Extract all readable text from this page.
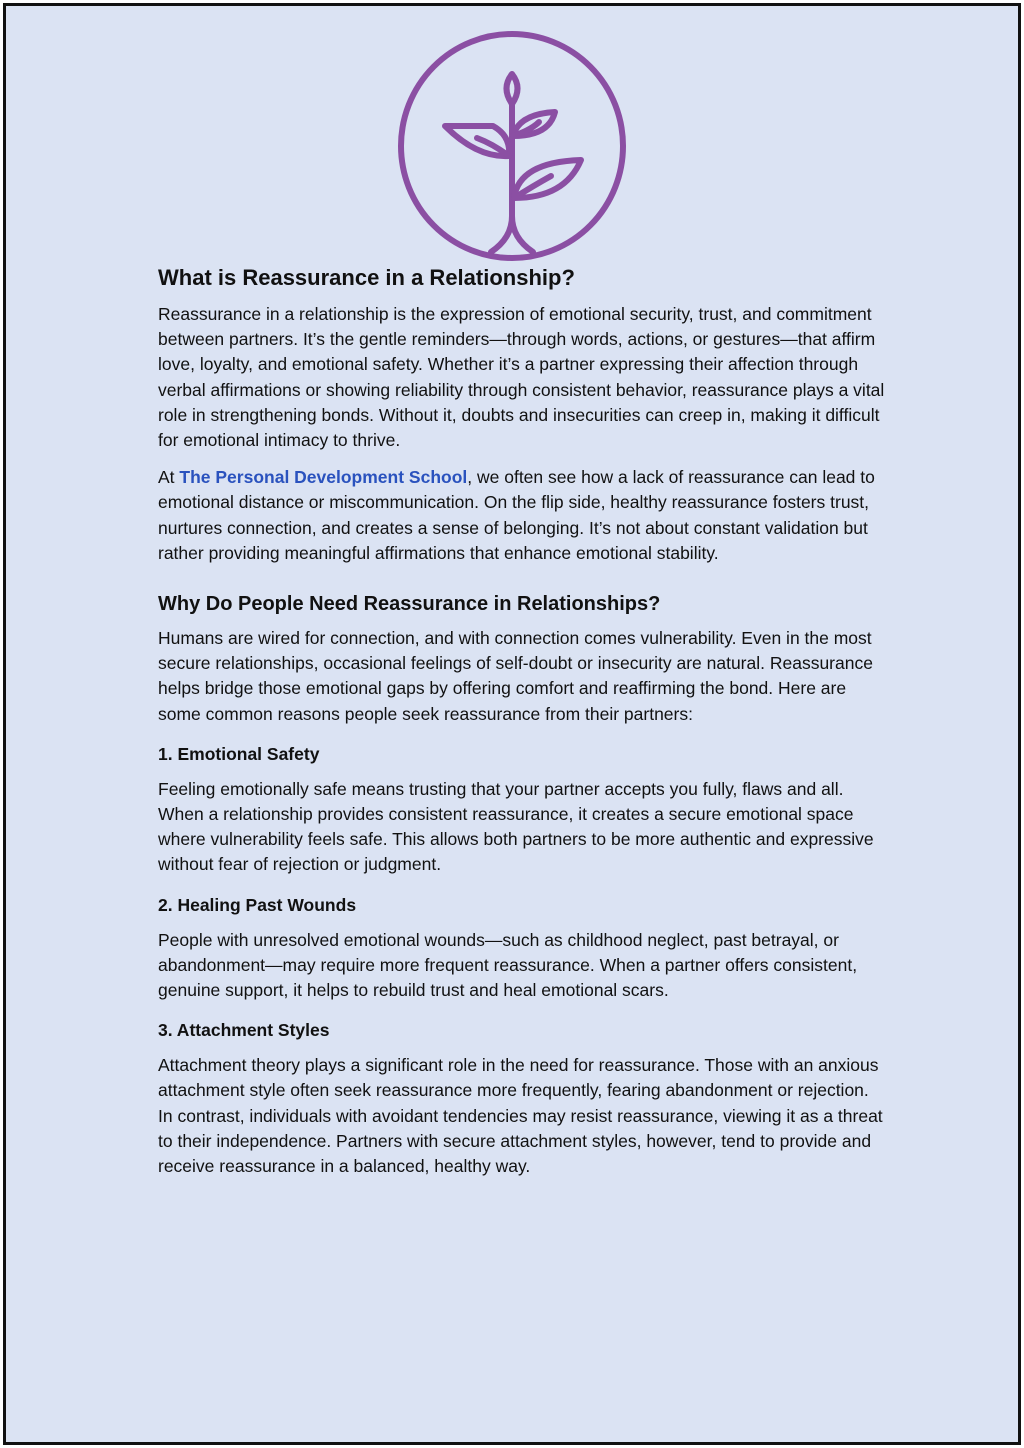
What is Reassurance in a Relationship?

Reassurance in a relationship is the expression of emotional security, trust, and commitment between partners. It’s the gentle reminders—through words, actions, or gestures—that affirm love, loyalty, and emotional safety. Whether it’s a partner expressing their affection through verbal affirmations or showing reliability through consistent behavior, reassurance plays a vital role in strengthening bonds. Without it, doubts and insecurities can creep in, making it difficult for emotional intimacy to thrive.

At The Personal Development School, we often see how a lack of reassurance can lead to emotional distance or miscommunication. On the flip side, healthy reassurance fosters trust, nurtures connection, and creates a sense of belonging. It’s not about constant validation but rather providing meaningful affirmations that enhance emotional stability.

Why Do People Need Reassurance in Relationships?

Humans are wired for connection, and with connection comes vulnerability. Even in the most secure relationships, occasional feelings of self-doubt or insecurity are natural. Reassurance helps bridge those emotional gaps by offering comfort and reaffirming the bond. Here are some common reasons people seek reassurance from their partners:

1. Emotional Safety

Feeling emotionally safe means trusting that your partner accepts you fully, flaws and all. When a relationship provides consistent reassurance, it creates a secure emotional space where vulnerability feels safe. This allows both partners to be more authentic and expressive without fear of rejection or judgment.

2. Healing Past Wounds

People with unresolved emotional wounds—such as childhood neglect, past betrayal, or abandonment—may require more frequent reassurance. When a partner offers consistent, genuine support, it helps to rebuild trust and heal emotional scars.

3. Attachment Styles

Attachment theory plays a significant role in the need for reassurance. Those with an anxious attachment style often seek reassurance more frequently, fearing abandonment or rejection. In contrast, individuals with avoidant tendencies may resist reassurance, viewing it as a threat to their independence. Partners with secure attachment styles, however, tend to provide and receive reassurance in a balanced, healthy way.
